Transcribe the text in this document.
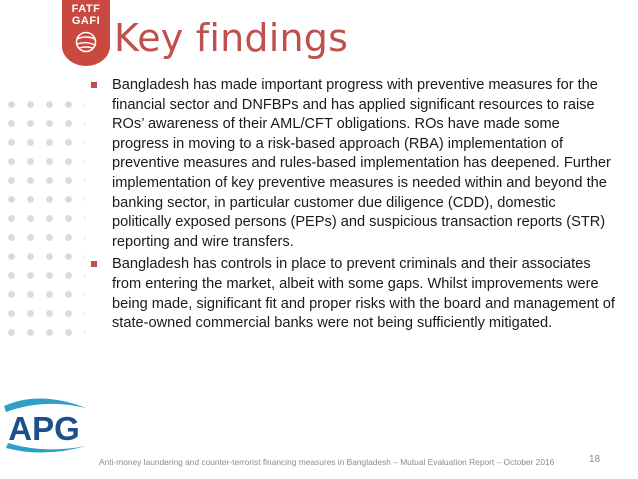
FATF
GAFI Key findings
Bangladesh has made important progress with preventive measures for the financial sector and DNFBPs and has applied significant resources to raise ROs’ awareness of their AML/CFT obligations. ROs have made some progress in moving to a risk-based approach (RBA) implementation of preventive measures and rules-based implementation has deepened. Further implementation of key preventive measures is needed within and beyond the banking sector, in particular customer due diligence (CDD), domestic politically exposed persons (PEPs) and suspicious transaction reports (STR) reporting and wire transfers.
Bangladesh has controls in place to prevent criminals and their associates from entering the market, albeit with some gaps. Whilst improvements were being made, significant fit and proper risks with the board and management of state-owned commercial banks were not being sufficiently mitigated.
APG
Anti-money laundering and counter-terrorist financing measures in Bangladesh – Mutual Evaluation Report – October 2016	18
